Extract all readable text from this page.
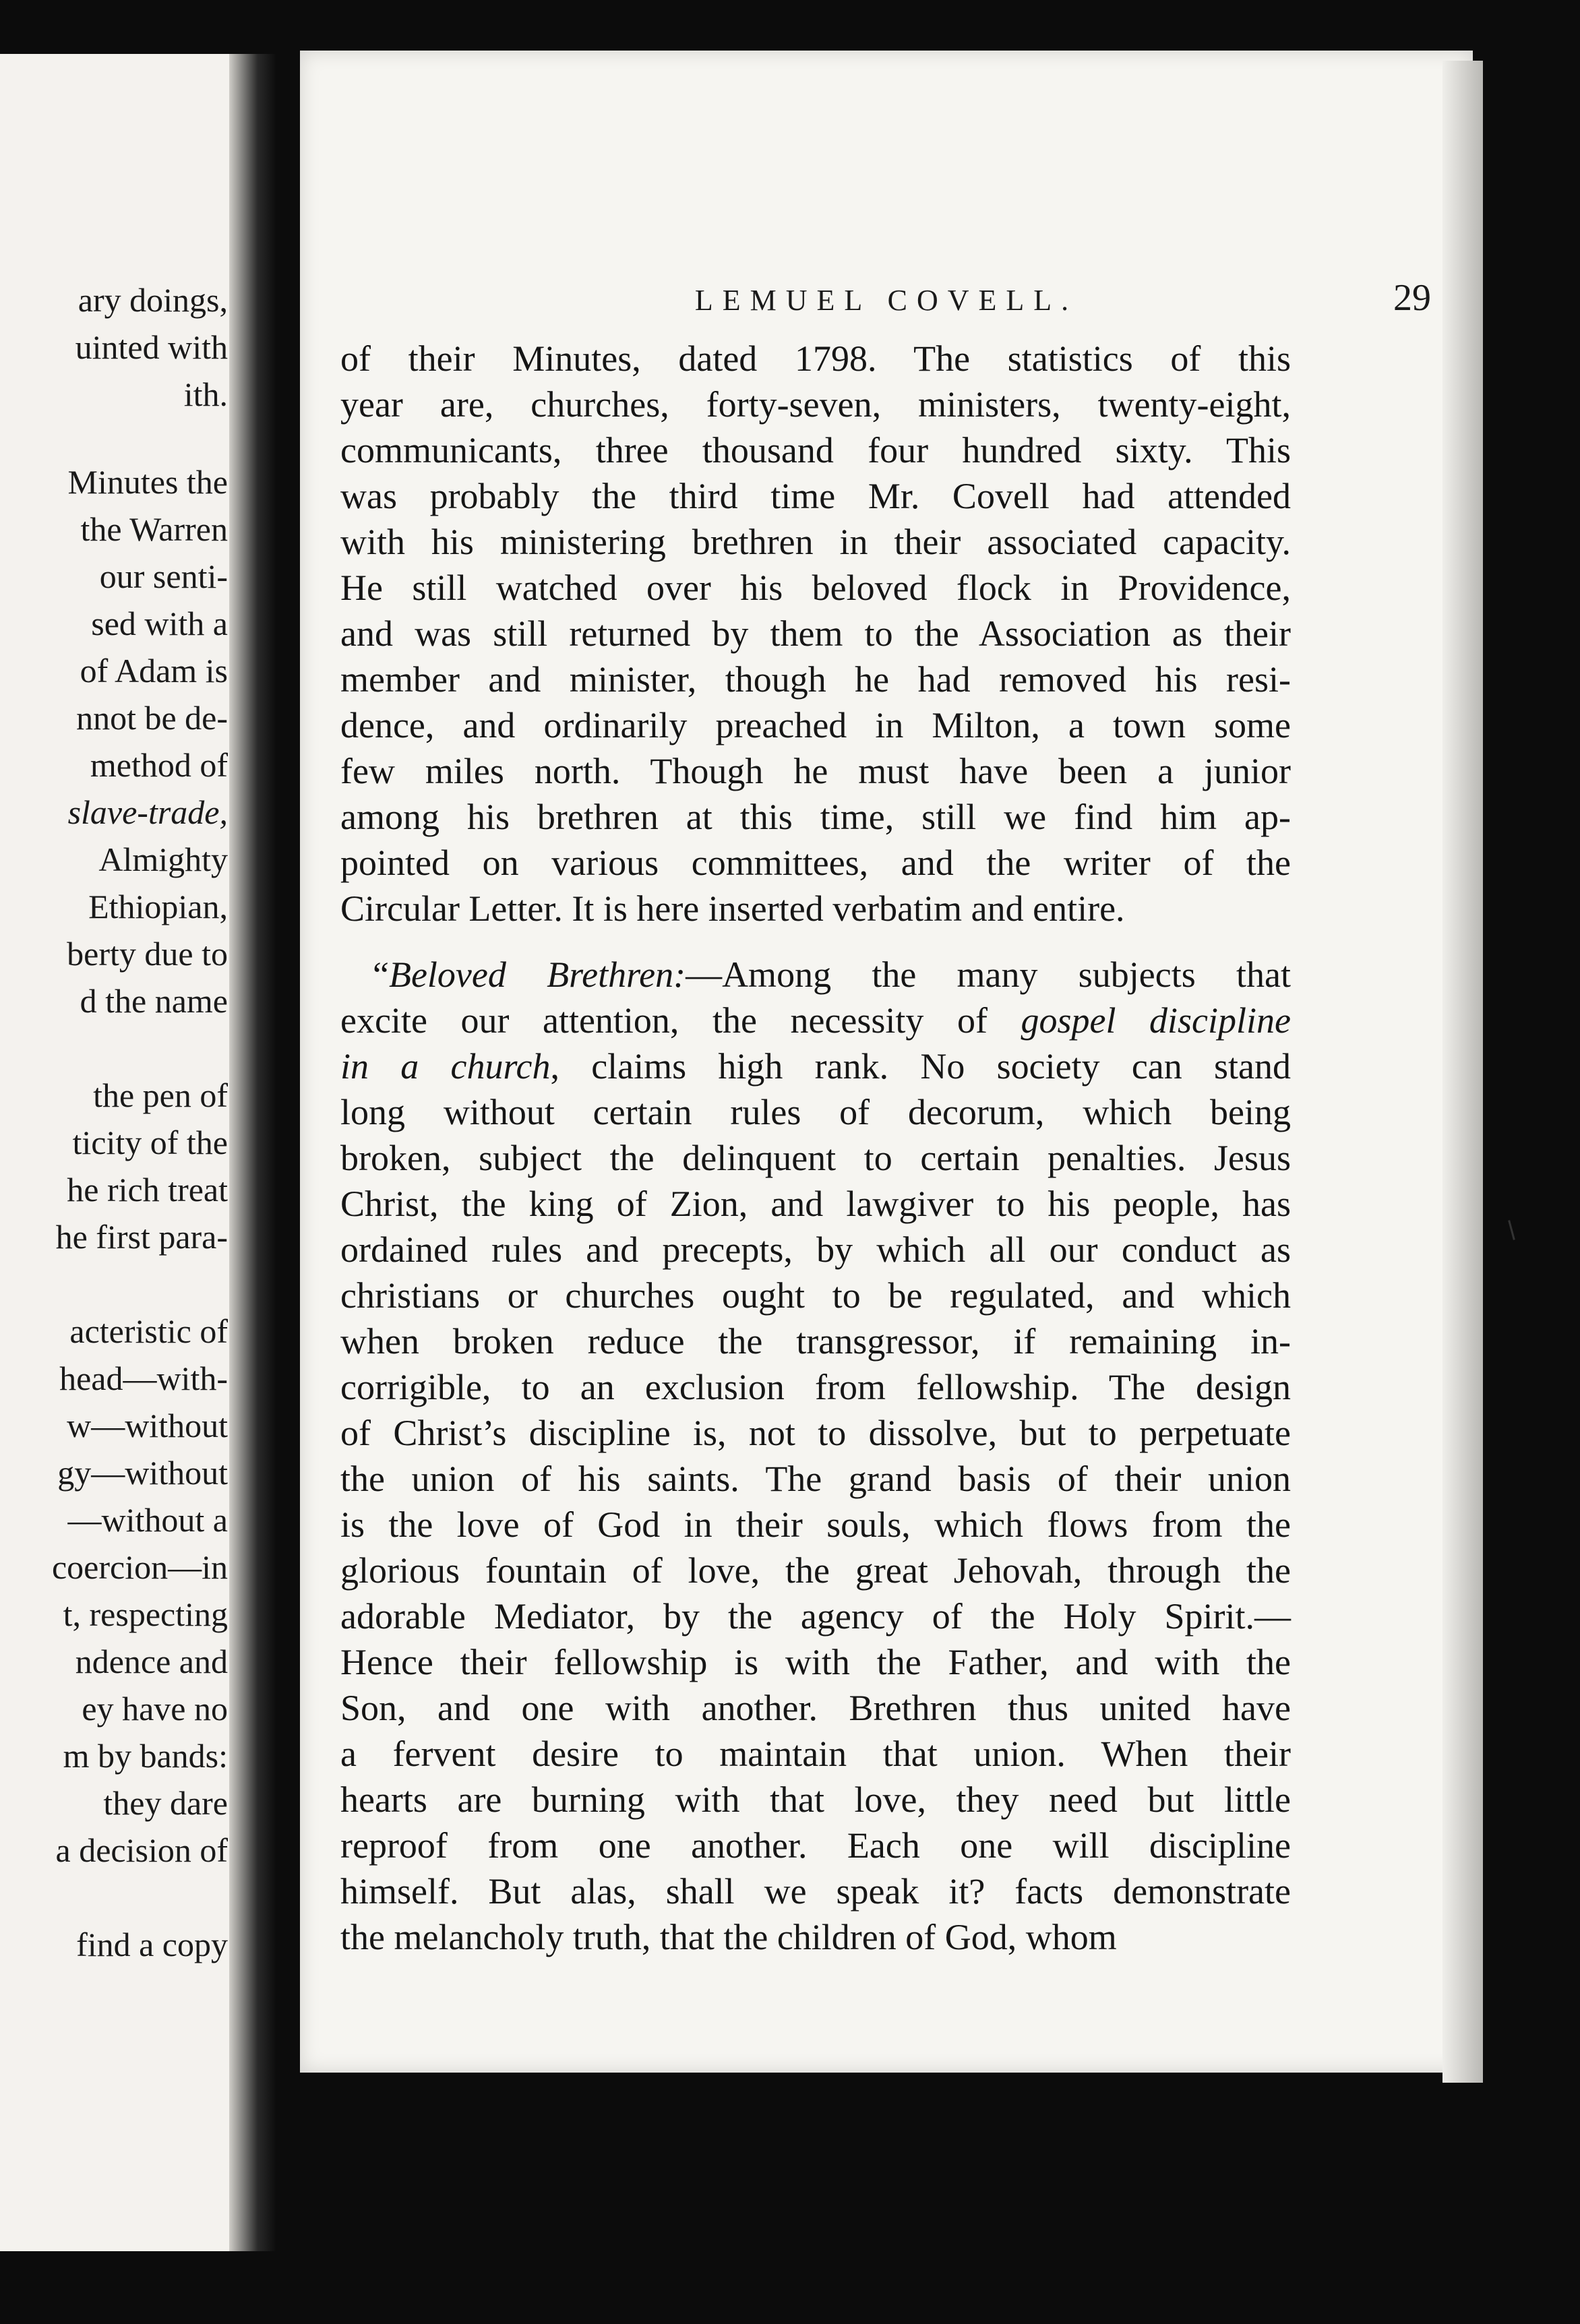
ary doings,
uinted with
ith.
Minutes the
the Warren
our senti-
sed with a
of Adam is
nnot be de-
method of
slave-trade,
Almighty
Ethiopian,
berty due to
d the name
the pen of
ticity of the
he rich treat
he first para-
acteristic of
head—with-
w—without
gy—without
—without a
coercion—in
t, respecting
ndence and
ey have no
m by bands:
they dare
a decision of
find a copy
LEMUEL COVELL.	29
of their Minutes, dated 1798. The statistics of this
year are, churches, forty-seven, ministers, twenty-eight,
communicants, three thousand four hundred sixty. This
was probably the third time Mr. Covell had attended
with his ministering brethren in their associated capacity.
He still watched over his beloved flock in Providence,
and was still returned by them to the Association as their
member and minister, though he had removed his resi-
dence, and ordinarily preached in Milton, a town some
few miles north. Though he must have been a junior
among his brethren at this time, still we find him ap-
pointed on various committees, and the writer of the
Circular Letter. It is here inserted verbatim and entire.
“Beloved Brethren:—Among the many subjects that
excite our attention, the necessity of gospel discipline
in a church, claims high rank. No society can stand
long without certain rules of decorum, which being
broken, subject the delinquent to certain penalties. Jesus
Christ, the king of Zion, and lawgiver to his people, has
ordained rules and precepts, by which all our conduct as
christians or churches ought to be regulated, and which
when broken reduce the transgressor, if remaining in-
corrigible, to an exclusion from fellowship. The design
of Christ’s discipline is, not to dissolve, but to perpetuate
the union of his saints. The grand basis of their union
is the love of God in their souls, which flows from the
glorious fountain of love, the great Jehovah, through the
adorable Mediator, by the agency of the Holy Spirit.—
Hence their fellowship is with the Father, and with the
Son, and one with another. Brethren thus united have
a fervent desire to maintain that union. When their
hearts are burning with that love, they need but little
reproof from one another. Each one will discipline
himself. But alas, shall we speak it? facts demonstrate
the melancholy truth, that the children of God, whom
